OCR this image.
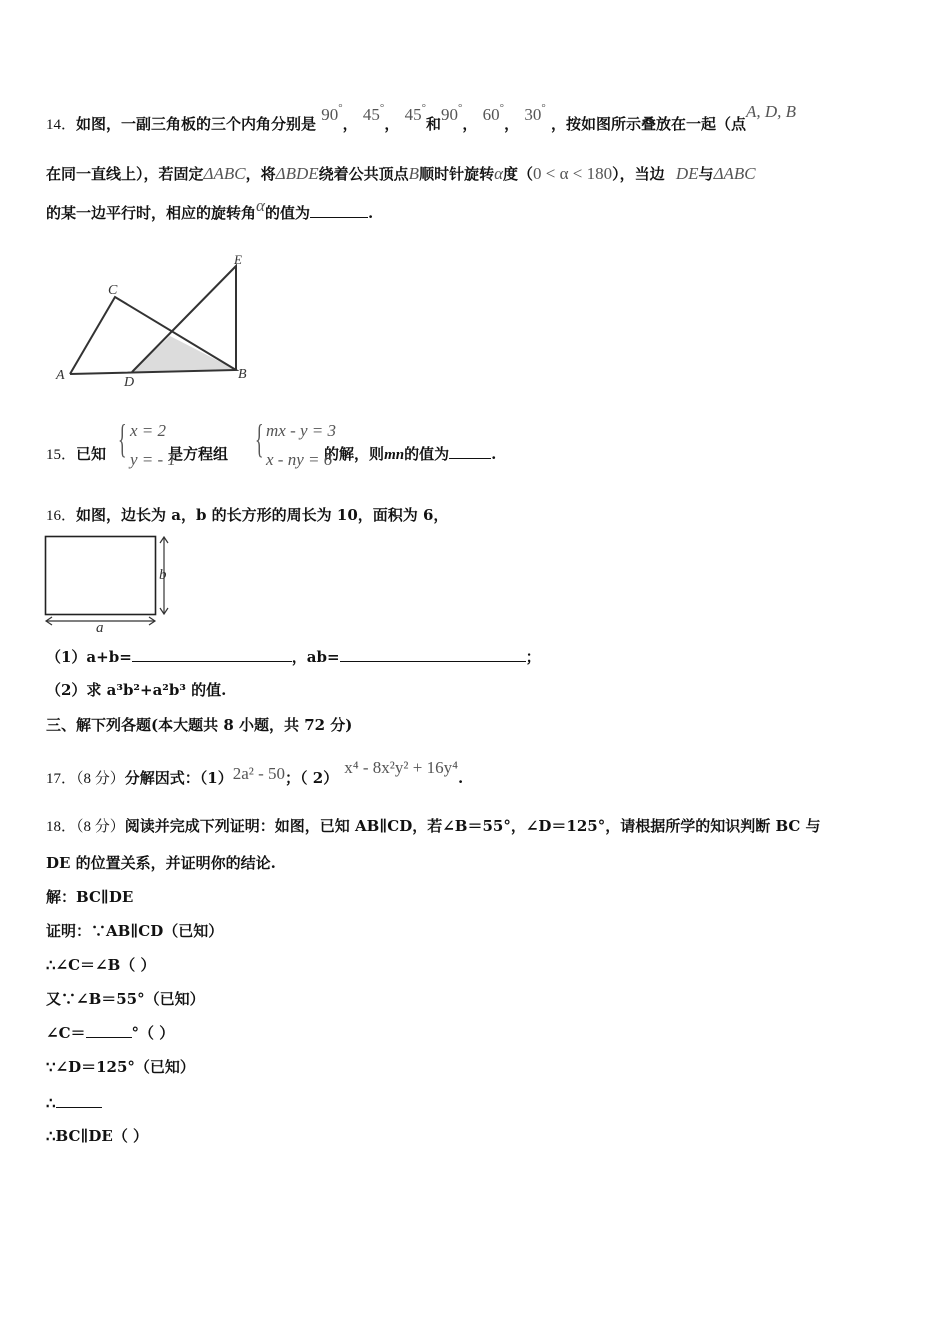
14．如图，一副三角板的三个内角分别是 90°， 45°， 45°和90°， 60°， 30° ，按如图所示叠放在一起（点A, D, B
在同一直线上），若固定ΔABC，将ΔBDE绕着公共顶点B顺时针旋转α度（0 < α < 180），当边 DE与ΔABC
的某一边平行时，相应的旋转角α的值为	.
C
E
A	D
B
15．已知	是方程组	的解，则mn的值为	.
{ x = 2
y = - 1 { mx - y = 3
x - ny = 6
16．如图，边长为 a，b 的长方形的周长为 10，面积为 6，
b
a
（1）a+b=	，ab=	；
（2）求 a³b²+a²b³ 的值.
三、解下列各题(本大题共 8 小题，共 72 分)
17．（8 分）分解因式：（1）2a² - 50；（ 2）x⁴ - 8x²y² + 16y⁴.
18．（8 分）阅读并完成下列证明：如图，已知 AB∥CD，若∠B＝55°，∠D＝125°，请根据所学的知识判断 BC 与
DE 的位置关系，并证明你的结论.
解：BC∥DE
证明：∵AB∥CD（已知）
∴∠C＝∠B（ ）
又∵∠B＝55°（已知）
∠C＝	°（ ）
∵∠D＝125°（已知）
∴
∴BC∥DE（ ）
